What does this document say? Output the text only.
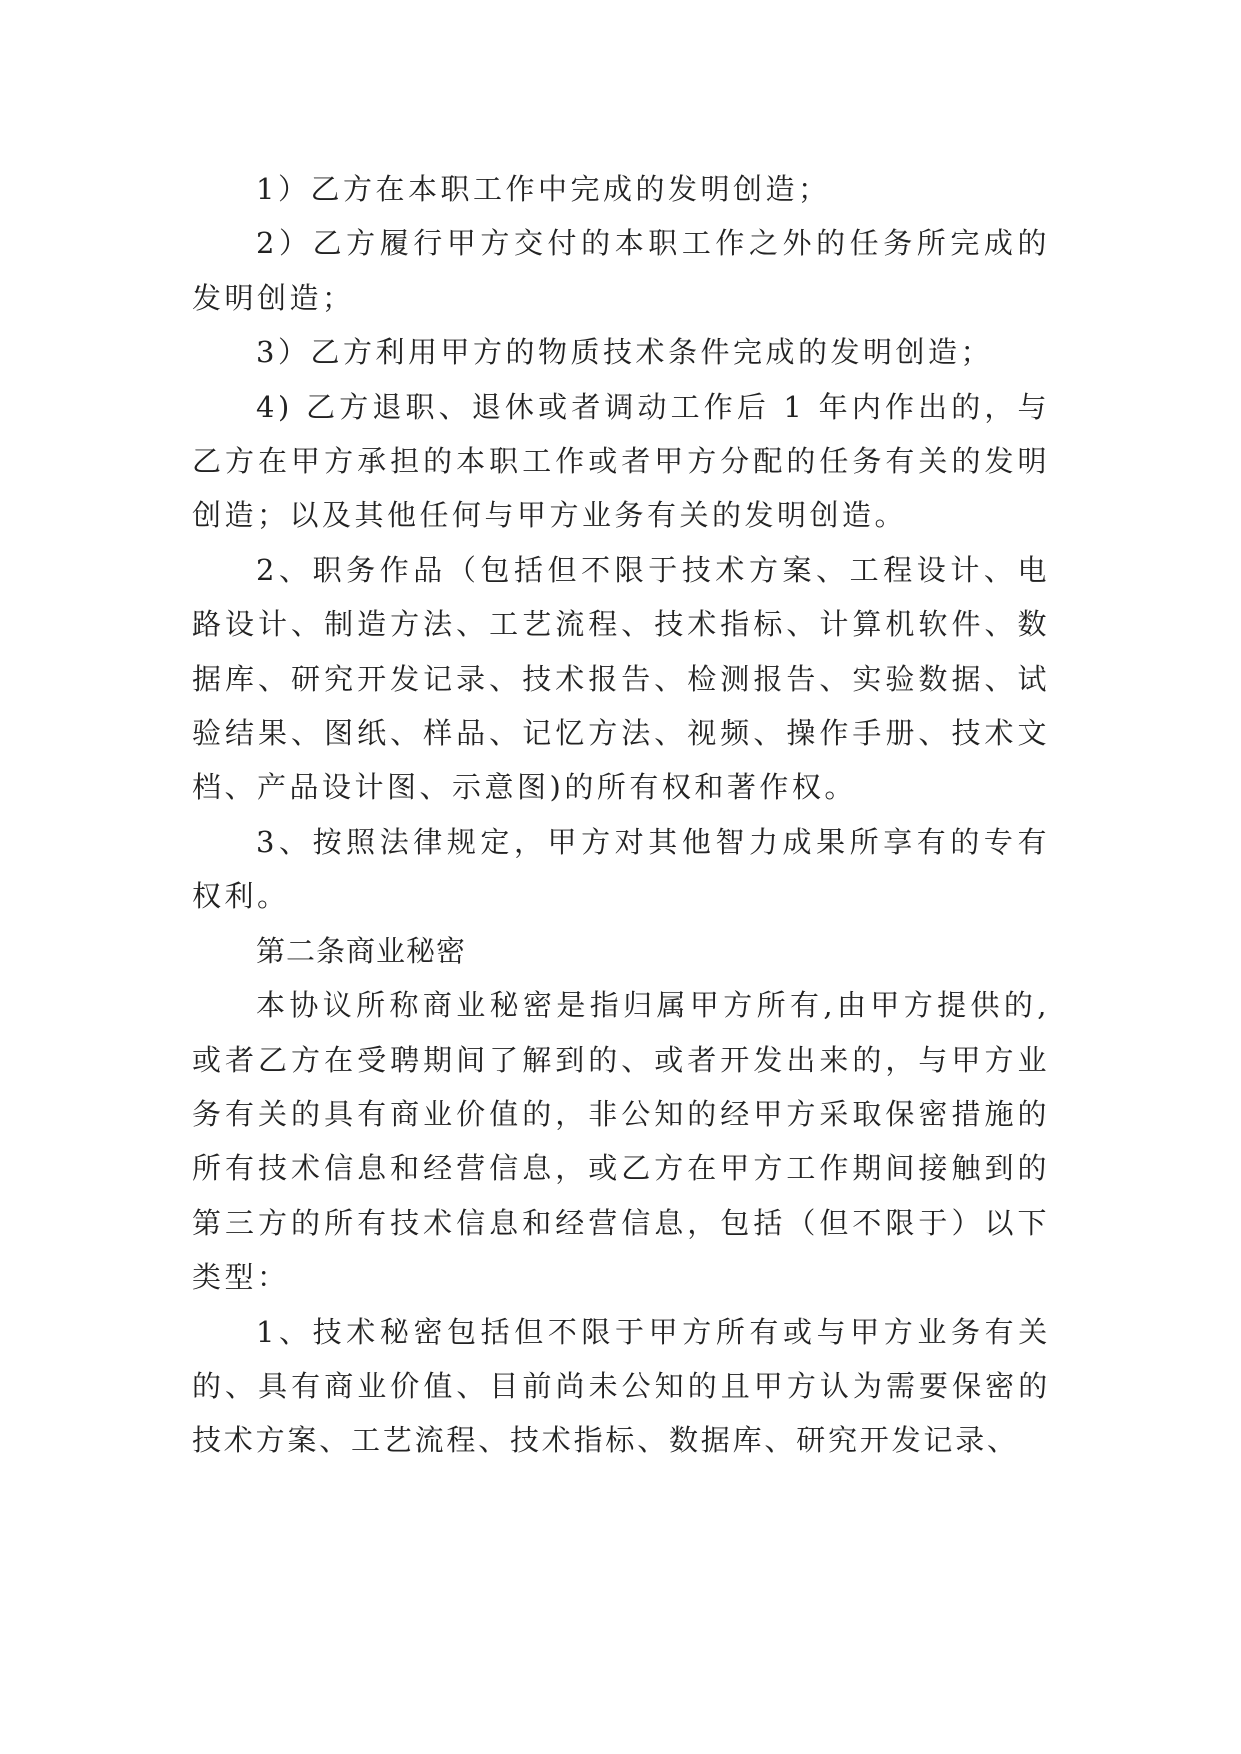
1）乙方在本职工作中完成的发明创造；

2）乙方履行甲方交付的本职工作之外的任务所完成的发明创造；

3）乙方利用甲方的物质技术条件完成的发明创造；

4) 乙方退职、退休或者调动工作后 1 年内作出的，与乙方在甲方承担的本职工作或者甲方分配的任务有关的发明创造；以及其他任何与甲方业务有关的发明创造。

2、职务作品（包括但不限于技术方案、工程设计、电路设计、制造方法、工艺流程、技术指标、计算机软件、数据库、研究开发记录、技术报告、检测报告、实验数据、试验结果、图纸、样品、记忆方法、视频、操作手册、技术文档、产品设计图、示意图)的所有权和著作权。

3、按照法律规定，甲方对其他智力成果所享有的专有权利。

第二条商业秘密

本协议所称商业秘密是指归属甲方所有,由甲方提供的,或者乙方在受聘期间了解到的、或者开发出来的，与甲方业务有关的具有商业价值的，非公知的经甲方采取保密措施的所有技术信息和经营信息，或乙方在甲方工作期间接触到的第三方的所有技术信息和经营信息，包括（但不限于）以下类型：

1、技术秘密包括但不限于甲方所有或与甲方业务有关的、具有商业价值、目前尚未公知的且甲方认为需要保密的技术方案、工艺流程、技术指标、数据库、研究开发记录、
